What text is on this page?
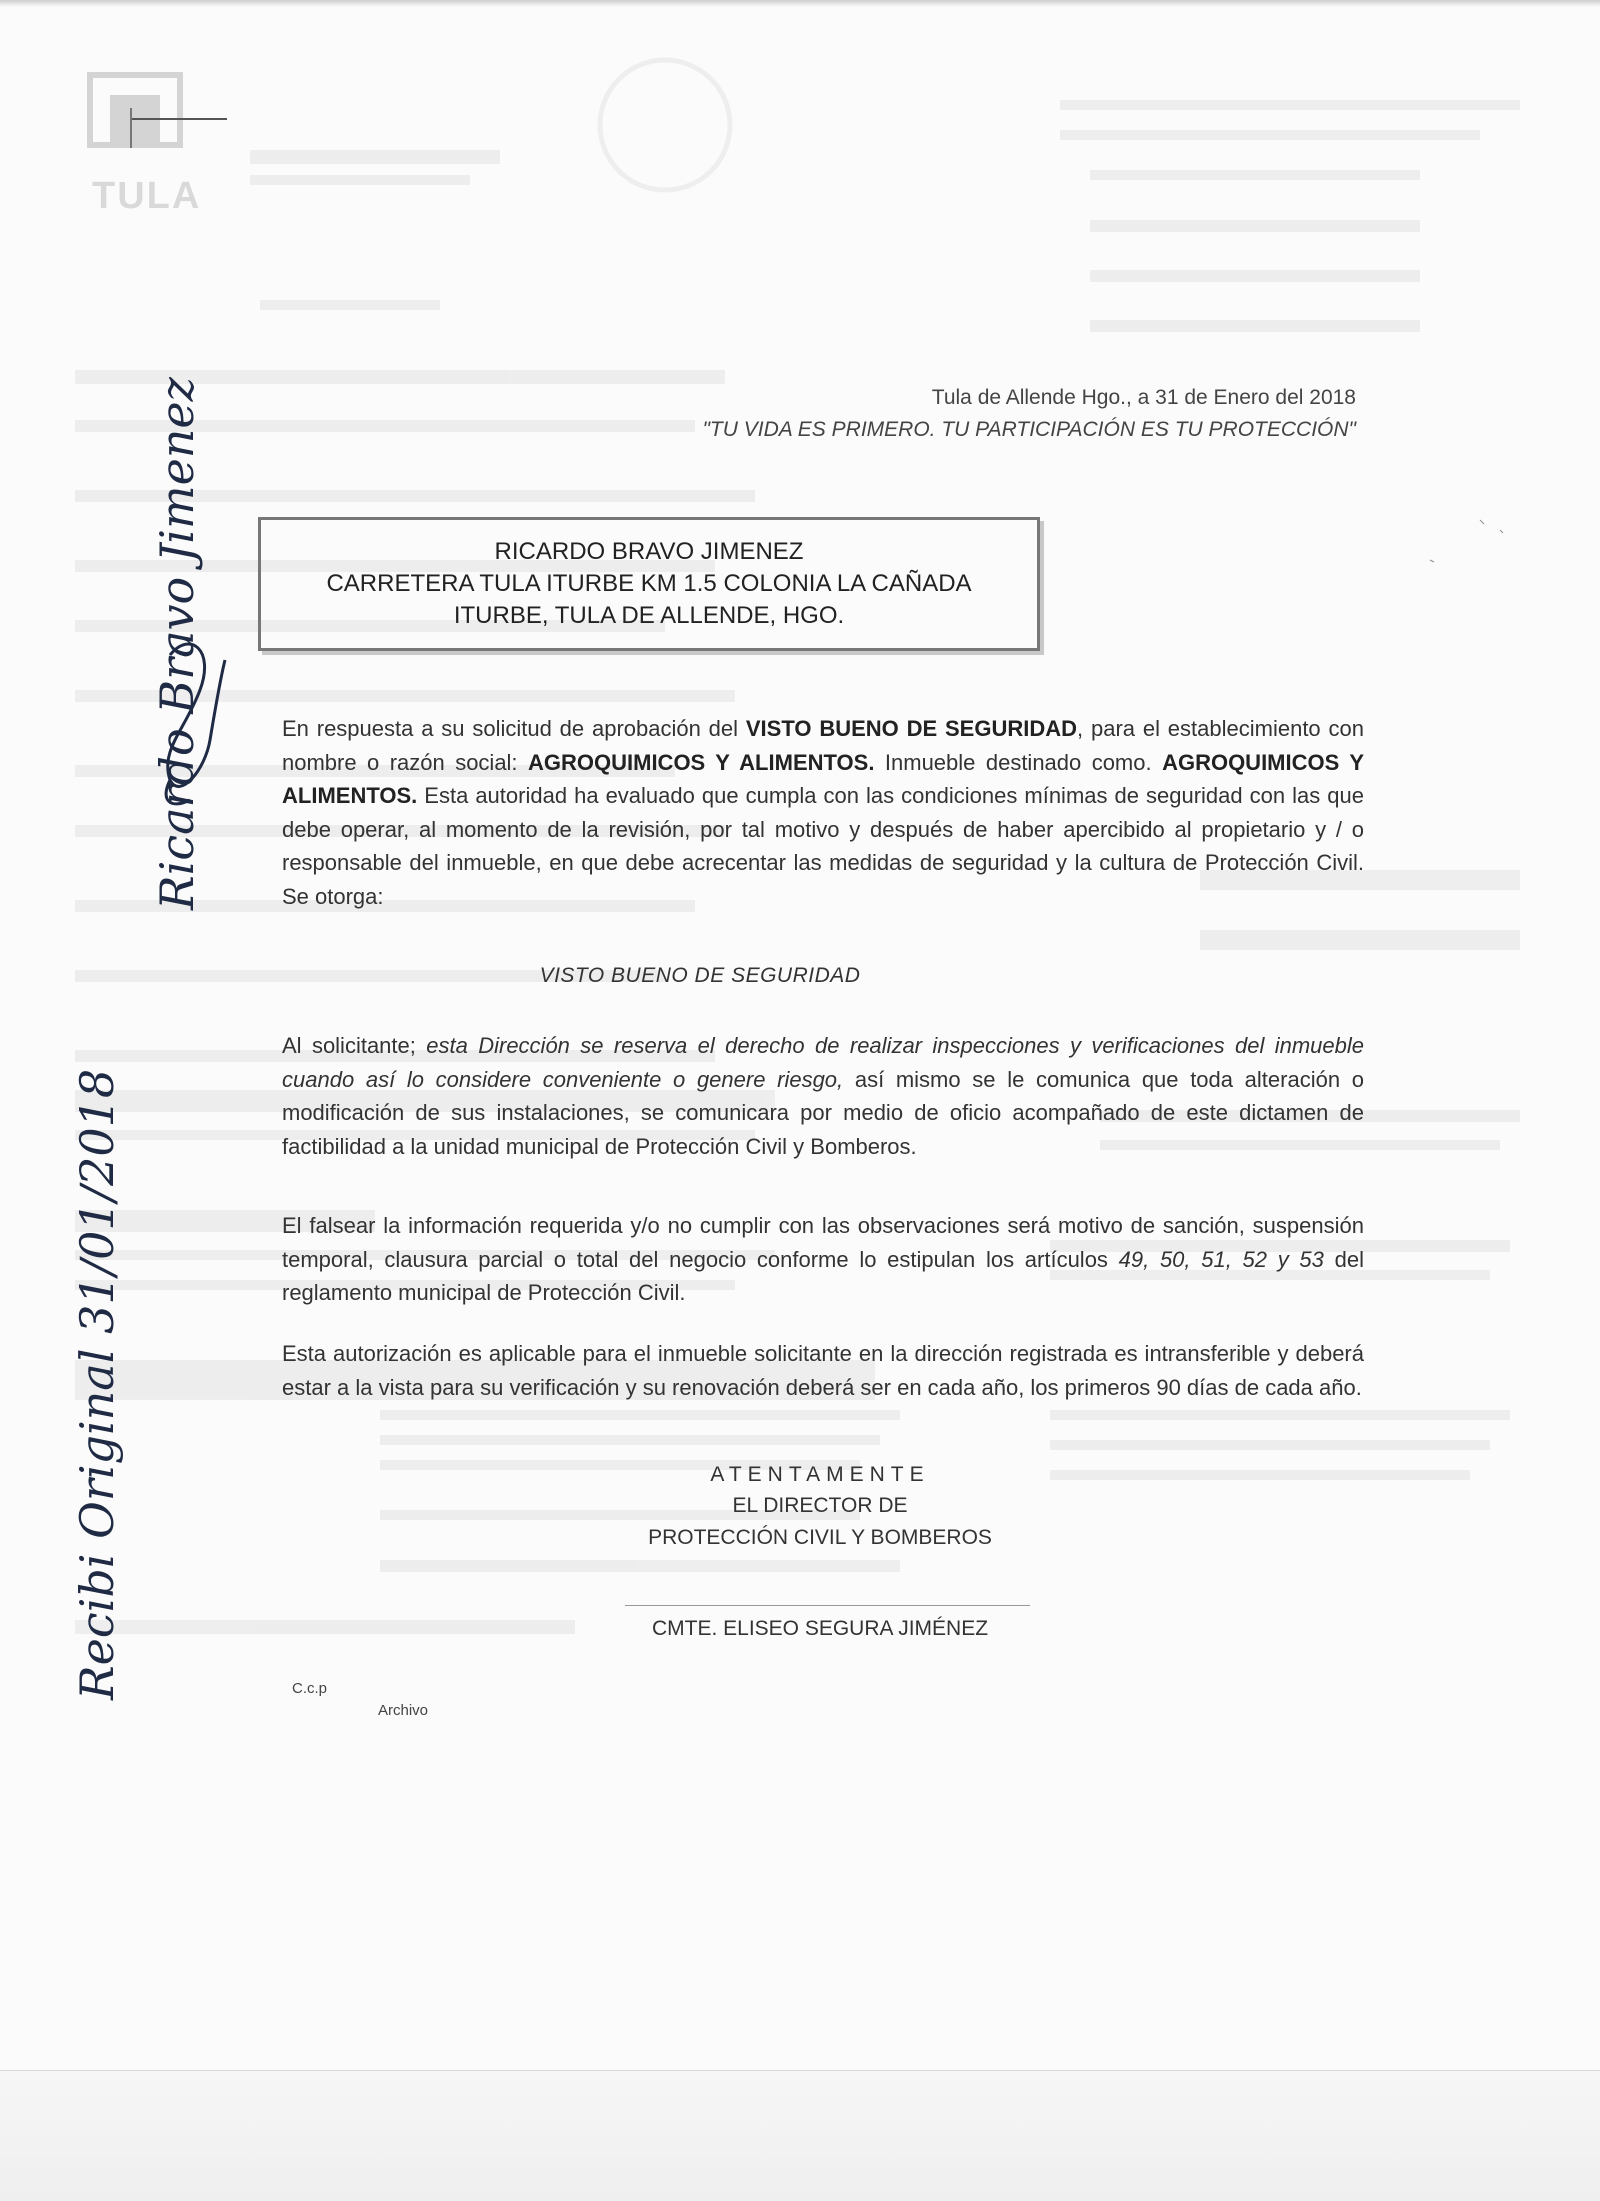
TULA
Tula de Allende Hgo., a 31 de Enero del 2018
"TU VIDA ES PRIMERO. TU PARTICIPACIÓN ES TU PROTECCIÓN"
RICARDO BRAVO JIMENEZ
CARRETERA TULA ITURBE KM 1.5 COLONIA LA CAÑADA
ITURBE, TULA DE ALLENDE, HGO.
En respuesta a su solicitud de aprobación del VISTO BUENO DE SEGURIDAD, para el establecimiento con nombre o razón social: AGROQUIMICOS Y ALIMENTOS. Inmueble destinado como. AGROQUIMICOS Y ALIMENTOS. Esta autoridad ha evaluado que cumpla con las condiciones mínimas de seguridad con las que debe operar, al momento de la revisión, por tal motivo y después de haber apercibido al propietario y / o responsable del inmueble, en que debe acrecentar las medidas de seguridad y la cultura de Protección Civil. Se otorga:
VISTO BUENO DE SEGURIDAD
Al solicitante; esta Dirección se reserva el derecho de realizar inspecciones y verificaciones del inmueble cuando así lo considere conveniente o genere riesgo, así mismo se le comunica que toda alteración o modificación de sus instalaciones, se comunicara por medio de oficio acompañado de este dictamen de factibilidad a la unidad municipal de Protección Civil y Bomberos.
El falsear la información requerida y/o no cumplir con las observaciones será motivo de sanción, suspensión temporal, clausura parcial o total del negocio conforme lo estipulan los artículos 49, 50, 51, 52 y 53 del reglamento municipal de Protección Civil.
Esta autorización es aplicable para el inmueble solicitante en la dirección registrada es intransferible y deberá estar a la vista para su verificación y su renovación deberá ser en cada año, los primeros 90 días de cada año.
ATENTAMENTE
EL DIRECTOR DE
PROTECCIÓN CIVIL Y BOMBEROS
CMTE. ELISEO SEGURA JIMÉNEZ
C.c.p
Archivo
Recibi Original 31/01/2018
Ricardo Bravo Jimenez
